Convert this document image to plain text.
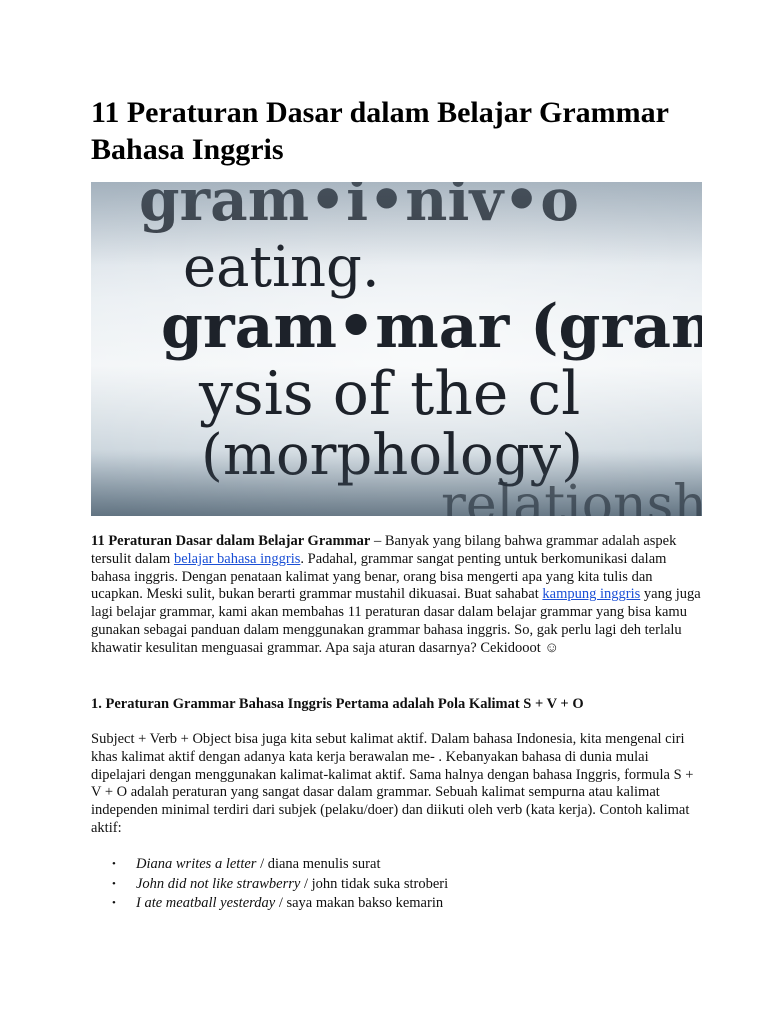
11 Peraturan Dasar dalam Belajar Grammar Bahasa Inggris

11 Peraturan Dasar dalam Belajar Grammar – Banyak yang bilang bahwa grammar adalah aspek tersulit dalam belajar bahasa inggris. Padahal, grammar sangat penting untuk berkomunikasi dalam bahasa inggris. Dengan penataan kalimat yang benar, orang bisa mengerti apa yang kita tulis dan ucapkan. Meski sulit, bukan berarti grammar mustahil dikuasai. Buat sahabat kampung inggris yang juga lagi belajar grammar, kami akan membahas 11 peraturan dasar dalam belajar grammar yang bisa kamu gunakan sebagai panduan dalam menggunakan grammar bahasa inggris. So, gak perlu lagi deh terlalu khawatir kesulitan menguasai grammar. Apa saja aturan dasarnya? Cekidooot ☺

1. Peraturan Grammar Bahasa Inggris Pertama adalah Pola Kalimat S + V + O

Subject + Verb + Object bisa juga kita sebut kalimat aktif. Dalam bahasa Indonesia, kita mengenal ciri khas kalimat aktif dengan adanya kata kerja berawalan me- . Kebanyakan bahasa di dunia mulai dipelajari dengan menggunakan kalimat-kalimat aktif. Sama halnya dengan bahasa Inggris, formula S + V + O adalah peraturan yang sangat dasar dalam grammar. Sebuah kalimat sempurna atau kalimat independen minimal terdiri dari subjek (pelaku/doer) dan diikuti oleh verb (kata kerja). Contoh kalimat aktif:

• Diana writes a letter / diana menulis surat
• John did not like strawberry / john tidak suka stroberi
• I ate meatball yesterday / saya makan bakso kemarin
